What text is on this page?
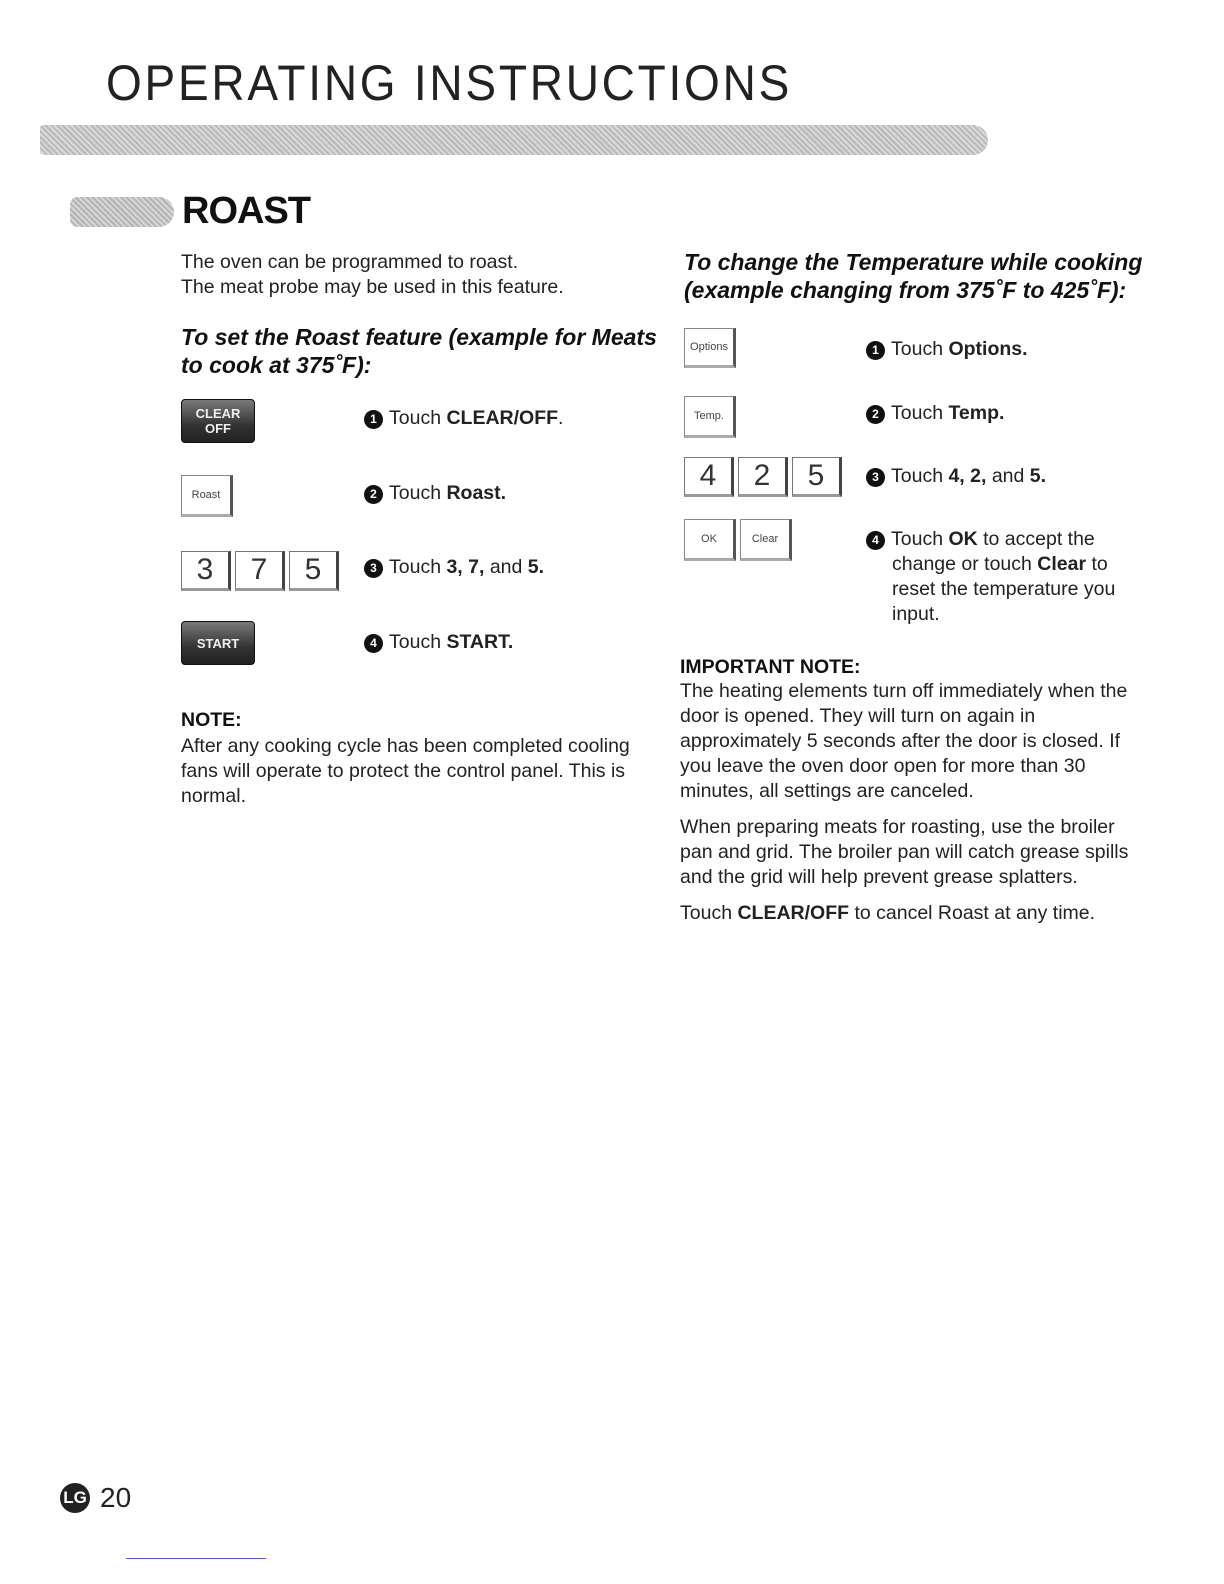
OPERATING INSTRUCTIONS
ROAST
The oven can be programmed to roast.
The meat probe may be used in this feature.
To set the Roast feature (example for Meats
to cook at 375˚F):
CLEAR
OFF
Roast
3	7	5
START
1 Touch CLEAR/OFF.
2 Touch Roast.
3 Touch 3, 7, and 5.
4 Touch START.
NOTE:
After any cooking cycle has been completed cooling
fans will operate to protect the control panel. This is
normal.
To change the Temperature while cooking
(example changing from 375˚F to 425˚F):
Options
Temp.
4	2	5
OK	Clear
1 Touch Options.
2 Touch Temp.
3 Touch 4, 2, and 5.
4 Touch OK to accept the
change or touch Clear to
reset the temperature you
input.
IMPORTANT NOTE:
The heating elements turn off immediately when the
door is opened. They will turn on again in
approximately 5 seconds after the door is closed. If
you leave the oven door open for more than 30
minutes, all settings are canceled.
When preparing meats for roasting, use the broiler
pan and grid. The broiler pan will catch grease spills
and the grid will help prevent grease splatters.
Touch CLEAR/OFF to cancel Roast at any time.
LG 20
